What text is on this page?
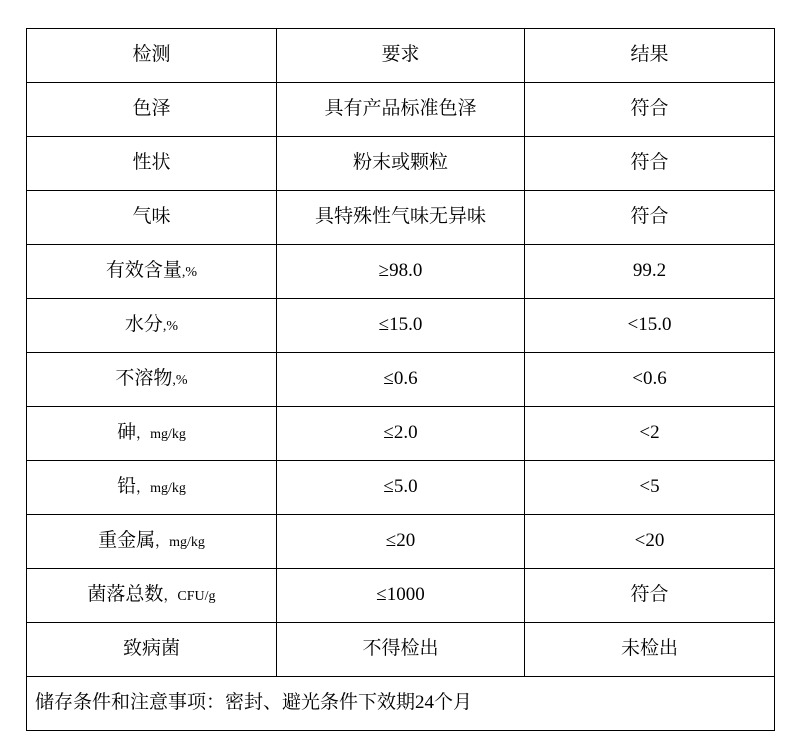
检测	要求	结果

色泽	具有产品标准色泽	符合

性状	粉末或颗粒	符合

气味	具特殊性气味无异味	符合

有效含量,%	≥98.0	99.2

水分,%	≤15.0	<15.0

不溶物,%	≤0.6	<0.6

砷，mg/kg	≤2.0	<2

铅，mg/kg	≤5.0	<5

重金属，mg/kg	≤20	<20

菌落总数，CFU/g	≤1000	符合

致病菌	不得检出	未检出

储存条件和注意事项：密封、避光条件下效期24个月		
